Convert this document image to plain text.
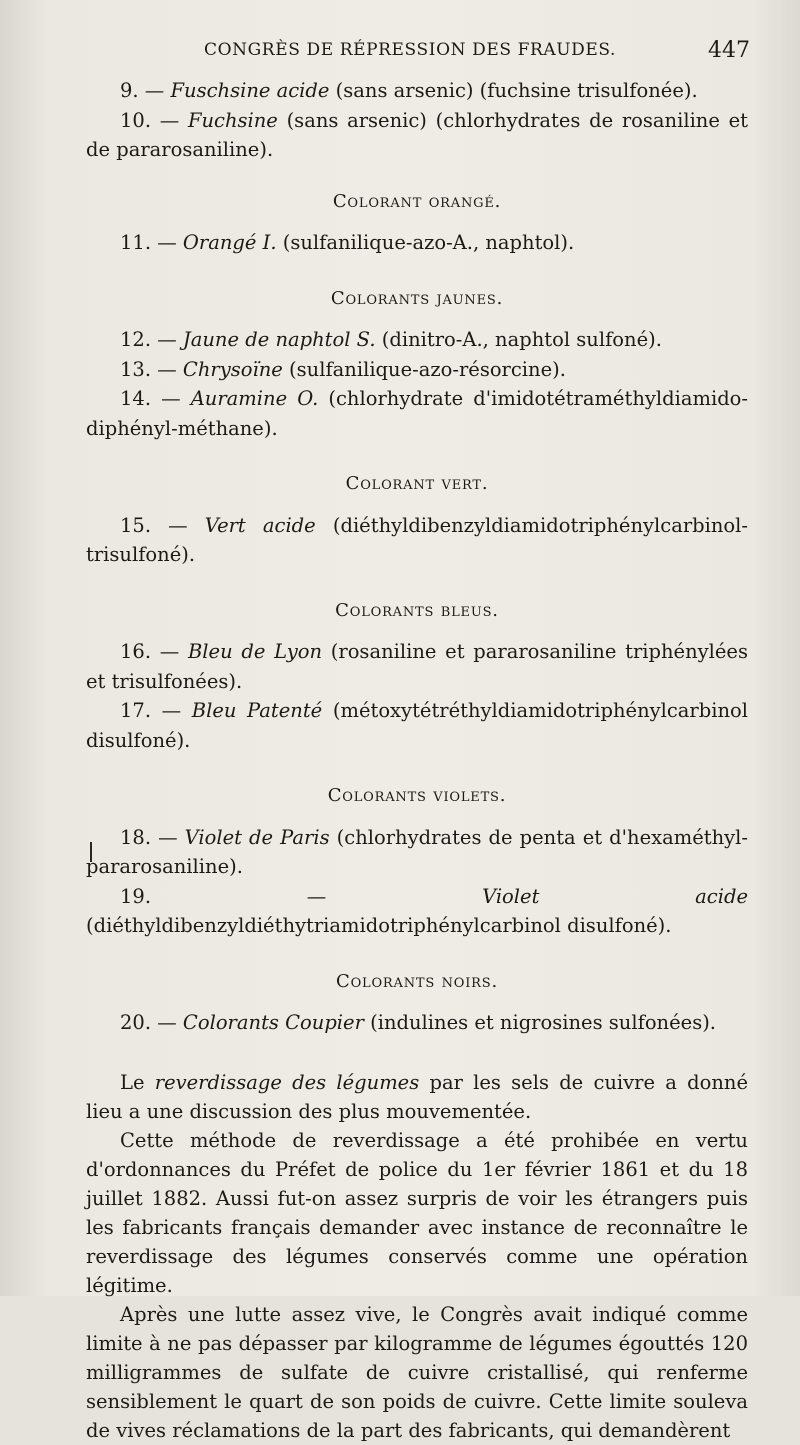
CONGRÈS DE RÉPRESSION DES FRAUDES.	447

9. — Fuschsine acide (sans arsenic) (fuchsine trisulfonée).

10. — Fuchsine (sans arsenic) (chlorhydrates de rosaniline et de pararosaniline).

Colorant orangé.

11. — Orangé I. (sulfanilique-azo-A., naphtol).

Colorants jaunes.

12. — Jaune de naphtol S. (dinitro-A., naphtol sulfoné).

13. — Chrysoïne (sulfanilique-azo-résorcine).

14. — Auramine O. (chlorhydrate d'imidotétraméthyldiamido-diphényl-méthane).

Colorant vert.

15. — Vert acide (diéthyldibenzyldiamidotriphénylcarbinol-trisulfoné).

Colorants bleus.

16. — Bleu de Lyon (rosaniline et pararosaniline triphénylées et trisulfonées).

17. — Bleu Patenté (métoxytétréthyldiamidotriphénylcarbinol disulfoné).

Colorants violets.

18. — Violet de Paris (chlorhydrates de penta et d'hexaméthyl-pararosaniline).

19. — Violet acide (diéthyldibenzyldiéthytriamidotriphénylcarbinol disulfoné).

Colorants noirs.

20. — Colorants Coupier (indulines et nigrosines sulfonées).

Le reverdissage des légumes par les sels de cuivre a donné lieu a une discussion des plus mouvementée.

Cette méthode de reverdissage a été prohibée en vertu d'ordonnances du Préfet de police du 1er février 1861 et du 18 juillet 1882. Aussi fut-on assez surpris de voir les étrangers puis les fabricants français demander avec instance de reconnaître le reverdissage des légumes conservés comme une opération légitime.

Après une lutte assez vive, le Congrès avait indiqué comme limite à ne pas dépasser par kilogramme de légumes égouttés 120 milligrammes de sulfate de cuivre cristallisé, qui renferme sensiblement le quart de son poids de cuivre. Cette limite souleva de vives réclamations de la part des fabricants, qui demandèrent
